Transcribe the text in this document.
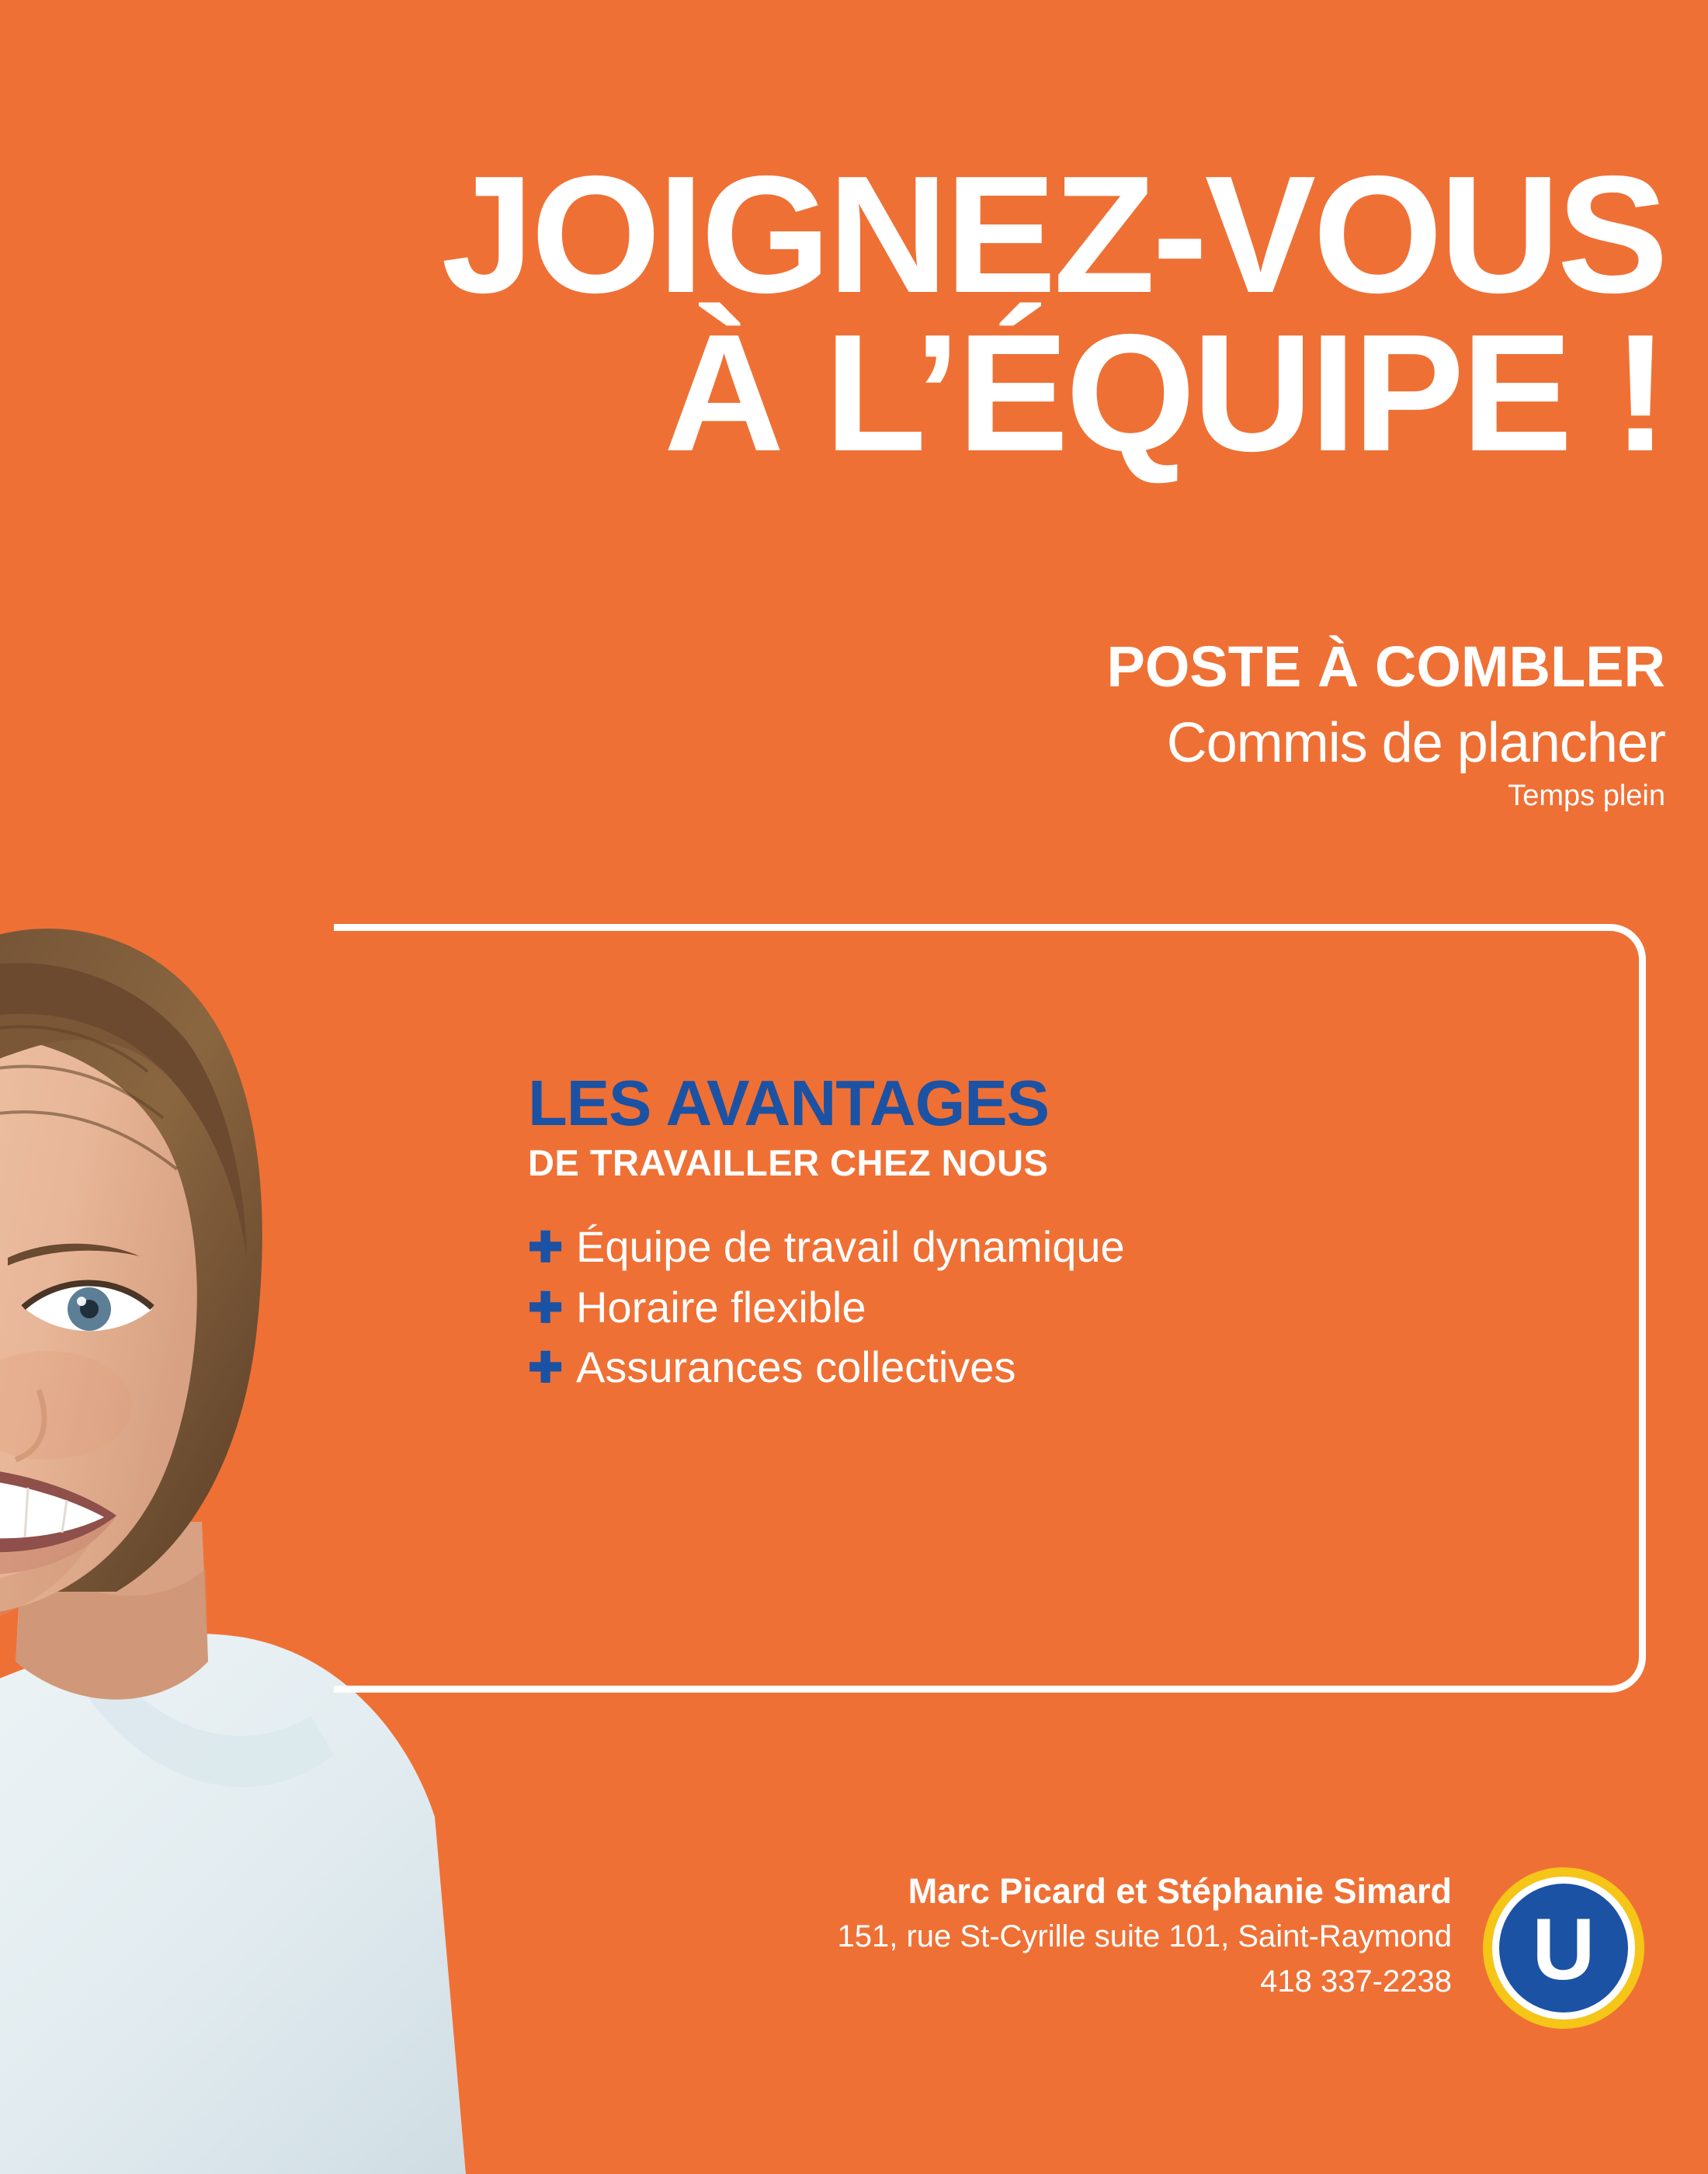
JOIGNEZ-VOUS
À L’ÉQUIPE !

POSTE À COMBLER

Commis de plancher

Temps plein

LES AVANTAGES

DE TRAVAILLER CHEZ NOUS

✚ Équipe de travail dynamique
✚ Horaire flexible
✚ Assurances collectives

Marc Picard et Stéphanie Simard

151, rue St-Cyrille suite 101, Saint-Raymond

418 337-2238 U
